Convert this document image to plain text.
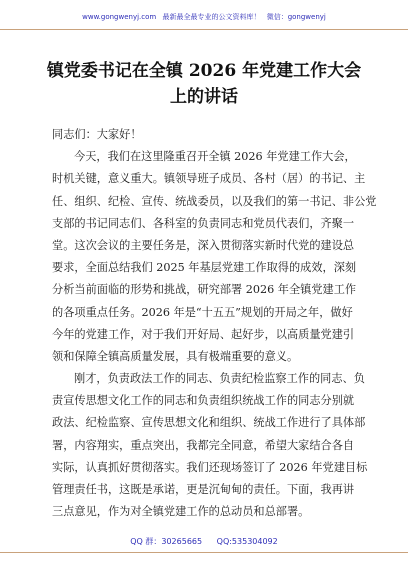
www.gongwenyj.com 最新最全最专业的公文资料库！ 微信：gongwenyj
镇党委书记在全镇 2026 年党建工作大会
上的讲话
同志们：大家好！
今天，我们在这里隆重召开全镇 2026 年党建工作大会，
时机关键，意义重大。镇领导班子成员、各村（居）的书记、主
任、组织、纪检、宣传、统战委员，以及我们的第一书记、非公党
支部的书记同志们、各科室的负责同志和党员代表们，齐聚一
堂。这次会议的主要任务是，深入贯彻落实新时代党的建设总
要求，全面总结我们 2025 年基层党建工作取得的成效，深刻
分析当前面临的形势和挑战，研究部署 2026 年全镇党建工作
的各项重点任务。2026 年是“十五五”规划的开局之年，做好
今年的党建工作，对于我们开好局、起好步，以高质量党建引
领和保障全镇高质量发展，具有极端重要的意义。
刚才，负责政法工作的同志、负责纪检监察工作的同志、负
责宣传思想文化工作的同志和负责组织统战工作的同志分别就
政法、纪检监察、宣传思想文化和组织、统战工作进行了具体部
署，内容翔实，重点突出，我都完全同意，希望大家结合各自
实际，认真抓好贯彻落实。我们还现场签订了 2026 年党建目标
管理责任书，这既是承诺，更是沉甸甸的责任。下面，我再讲
三点意见，作为对全镇党建工作的总动员和总部署。
QQ 群：30265665 QQ:535304092
